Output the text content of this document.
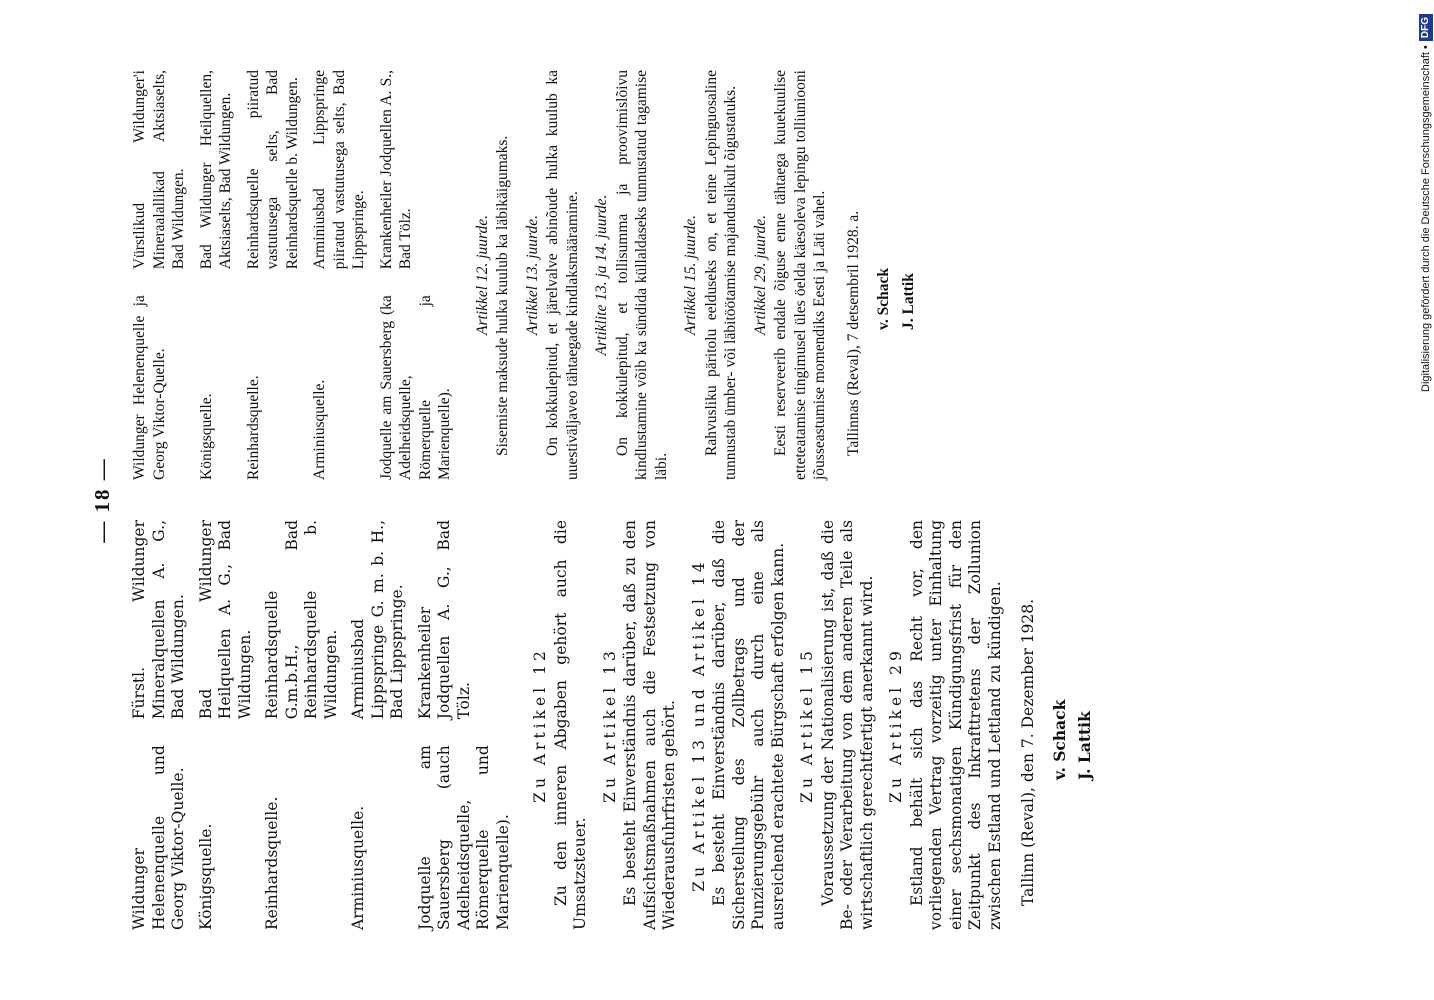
— 18 —
Wildunger Helenenquelle und Georg Viktor-Quelle.	Fürstl. Wildunger Mineralquellen A. G., Bad Wildungen.
Königsquelle.	Bad Wildunger Heilquellen A. G., Bad Wildungen.
Reinhardsquelle.	Reinhardsquelle G.m.b.H., Bad Reinhardsquelle b. Wildungen.
Arminiusquelle.	Arminiusbad Lippspringe G. m. b. H., Bad Lippspringe.
Jodquelle am Sauersberg (auch Adelheidsquelle, Römerquelle und Marienquelle).	Krankenheiler Jodquellen A. G., Bad Tölz.	Zu Artikel 12 Zu den inneren Abgaben gehört auch die Umsatzsteuer.

Zu Artikel 13 Es besteht Einverständnis darüber, daß zu den Aufsichtsmaßnahmen auch die Festsetzung von Wiederausfuhrfristen gehört. Zu Artikel 13 und Artikel 14 Es besteht Einverständnis darüber, daß die Sicherstellung des Zollbetrags und der Punzierungsgebühr auch durch eine als ausreichend erachtete Bürgschaft erfolgen kann. Zu Artikel 15 Voraussetzung der Nationalisierung ist, daß die Be- oder Verarbeitung von dem anderen Teile als wirtschaftlich gerechtfertigt anerkannt wird. Zu Artikel 29 Estland behält sich das Recht vor, den vorliegenden Vertrag vorzeitig unter Einhaltung einer sechsmonatigen Kündigungsfrist für den Zeitpunkt des Inkrafttretens der Zollunion zwischen Estland und Lettland zu kündigen. Tallinn (Reval), den 7. Dezember 1928. v. Schack J. Lattik
Wildunger Helenenquelle ja Georg Viktor-Quelle.	Vürstlikud Wildunger'i Mineraalallikad Aktsiaselts, Bad Wildungen.
Königsquelle.	Bad Wildunger Heilquellen, Aktsiaselts, Bad Wildungen.
Reinhardsquelle.	Reinhardsquelle piiratud vastutusega selts, Bad Reinhardsquelle b. Wildungen.
Arminiusquelle.	Arminiusbad Lippspringe piiratud vastutusega selts, Bad Lippspringe.
Jodquelle am Sauersberg (ka Adelheidsquelle, Römerquelle ja Marienquelle).	Krankenheiler Jodquellen A. S., Bad Tölz.	Artikkel 12. juurde. Sisemiste maksude hulka kuulub ka läbikäigumaks. Artikkel 13. juurde. On kokkulepitud, et järelvalve abinõude hulka kuulub ka uuestiväljaveo tähtaegade kindlaksmääramine. Artiklite 13. ja 14. juurde. On kokkulepitud, et tollisumma ja proovimislõivu kindlustamine võib ka sündida küllaldaseks tunnustatud tagamise läbi.

Artikkel 15. juurde. Rahvusliku päritolu eelduseks on, et teine Lepinguosaline tunnustab ümber- või läbitöötamise majanduslikult õigustatuks. Artikkel 29. juurde. Eesti reserveerib endale õiguse enne tähtaega kuuekuulise etteteatamise tingimusel üles öelda käesoleva lepingu tolliunioonі jõusseastumise momendiks Eesti ja Läti vahel. Tallinnas (Reval), 7 detsembril 1928. a. v. Schack J. Lattik	Digitalisierung gefördert durch die Deutsche Forschungsgemeinschaft •DFG
